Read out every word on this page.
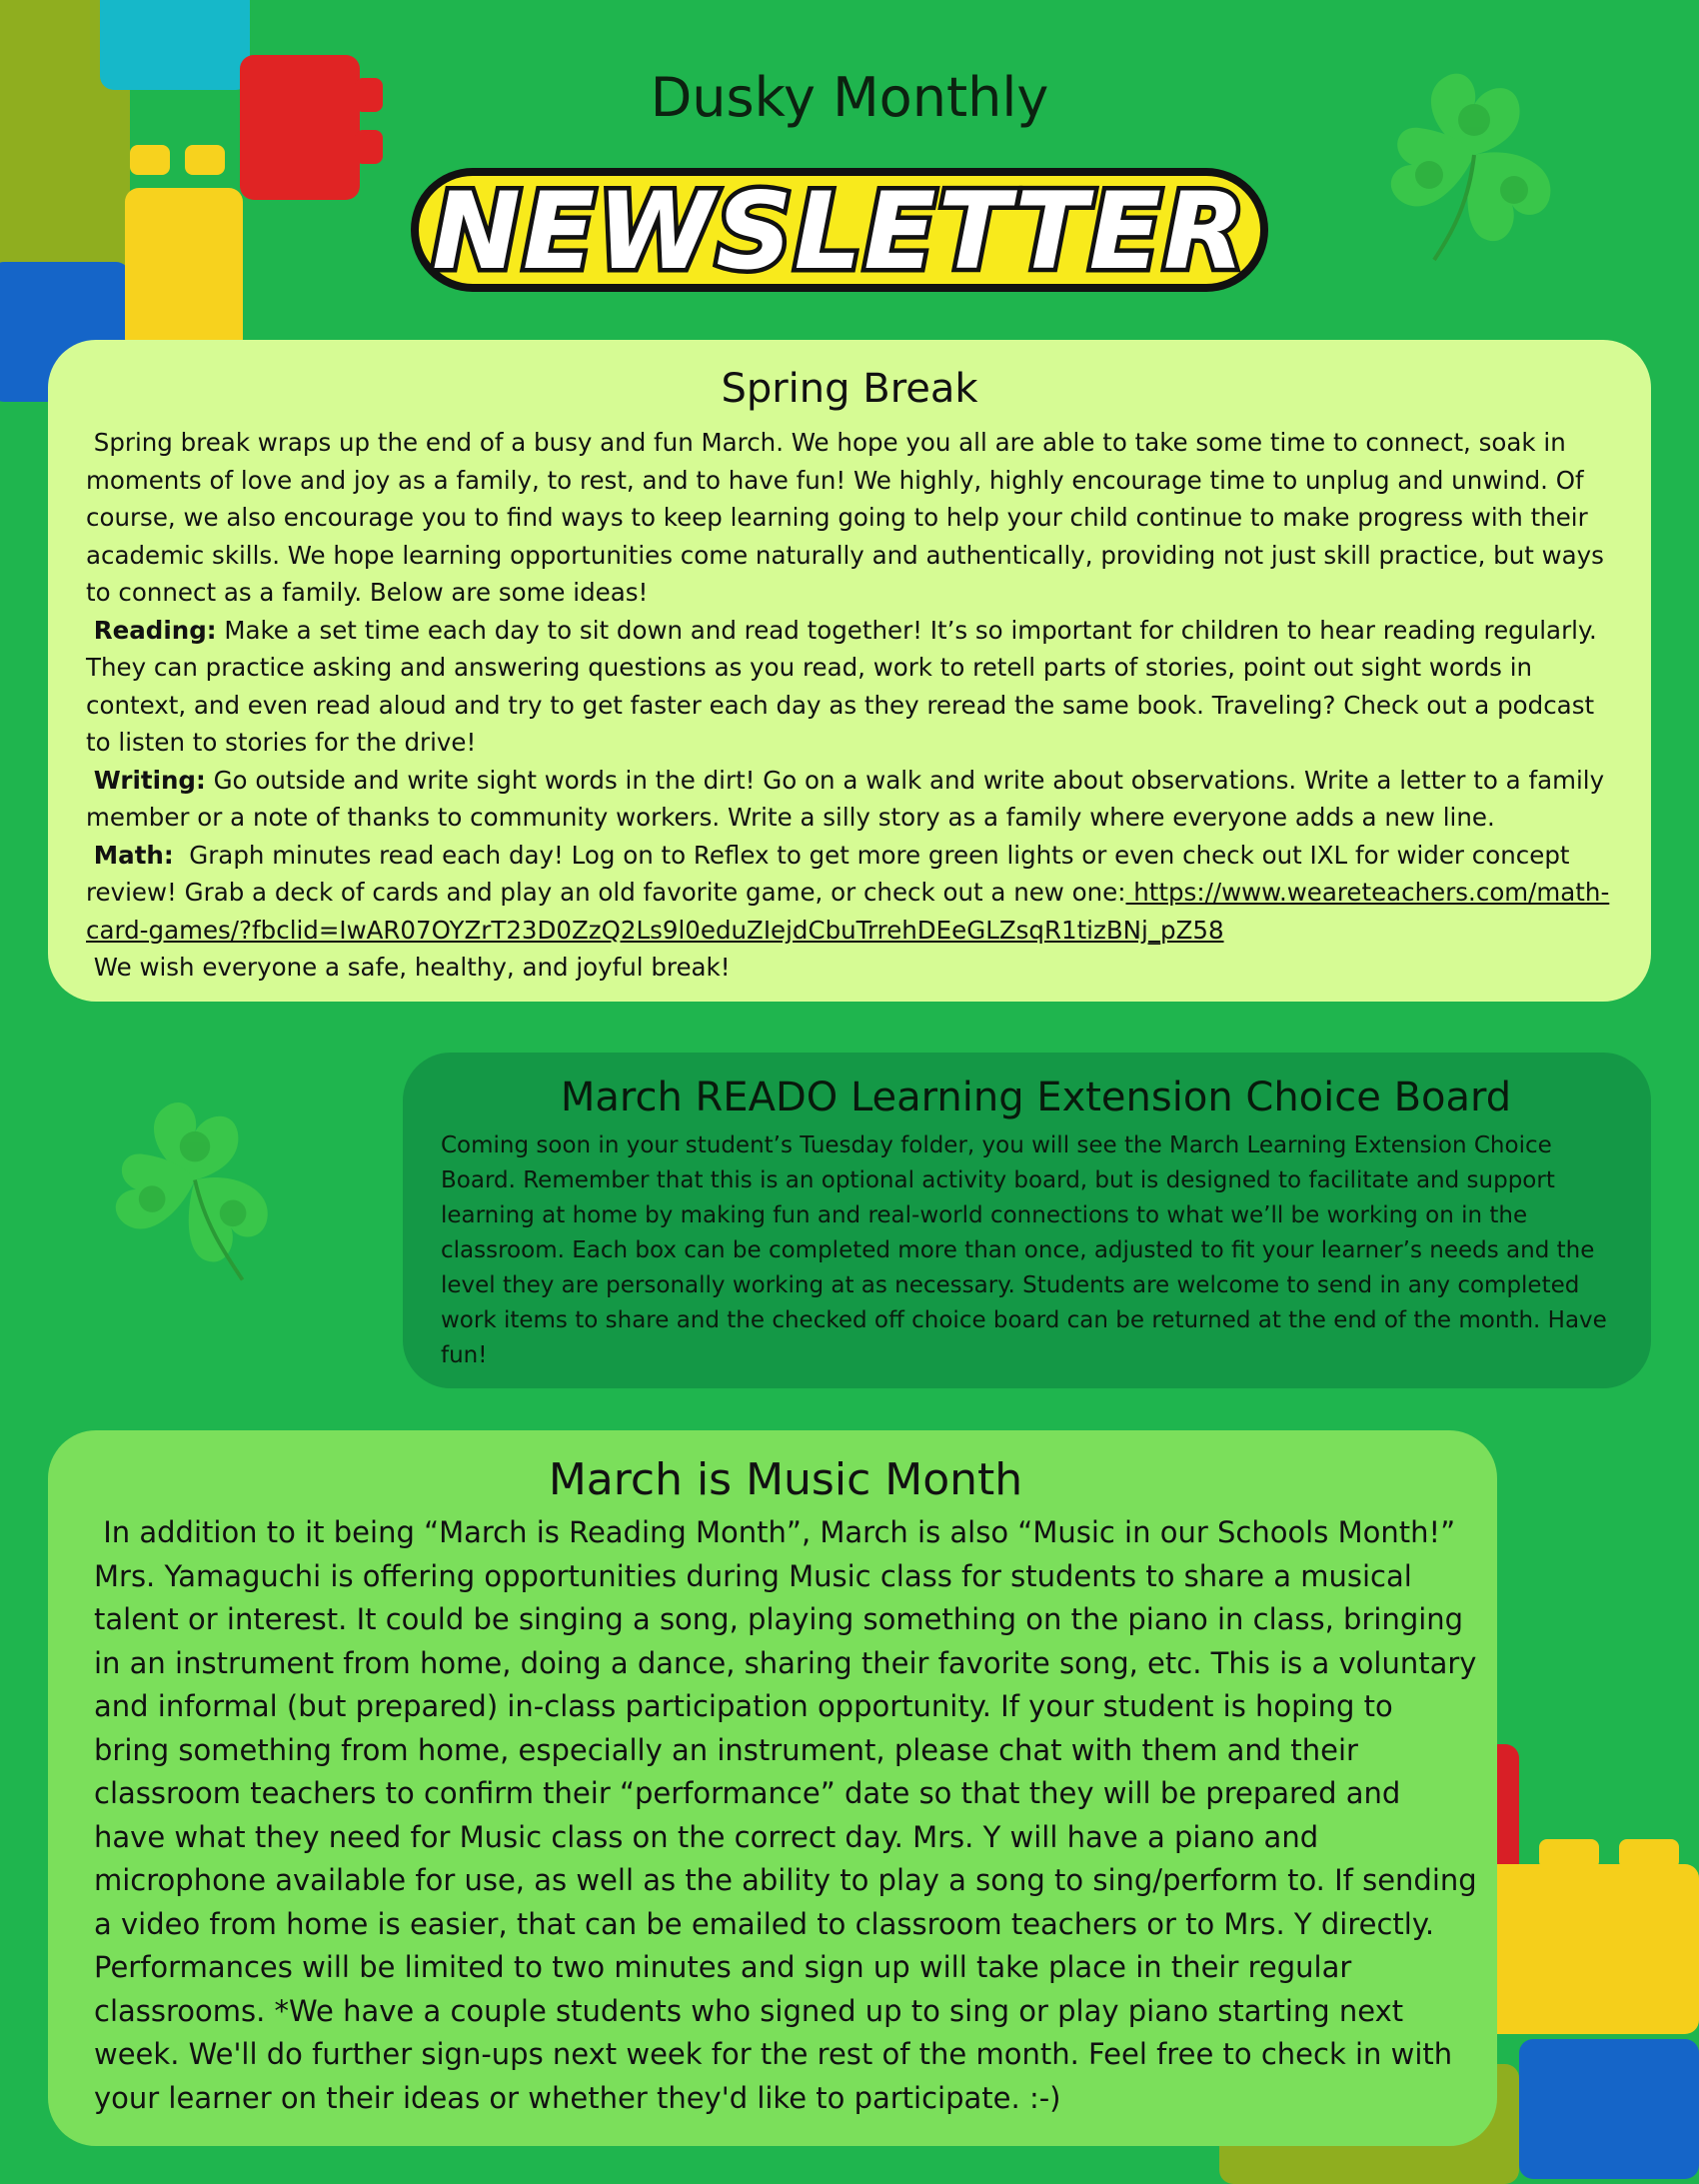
Dusky Monthly
NEWSLETTER
Spring Break

Spring break wraps up the end of a busy and fun March. We hope you all are able to take some time to connect, soak in moments of love and joy as a family, to rest, and to have fun! We highly, highly encourage time to unplug and unwind. Of course, we also encourage you to find ways to keep learning going to help your child continue to make progress with their academic skills. We hope learning opportunities come naturally and authentically, providing not just skill practice, but ways to connect as a family. Below are some ideas!

Reading: Make a set time each day to sit down and read together! It’s so important for children to hear reading regularly. They can practice asking and answering questions as you read, work to retell parts of stories, point out sight words in context, and even read aloud and try to get faster each day as they reread the same book. Traveling? Check out a podcast to listen to stories for the drive!

Writing: Go outside and write sight words in the dirt! Go on a walk and write about observations. Write a letter to a family member or a note of thanks to community workers. Write a silly story as a family where everyone adds a new line.

Math: Graph minutes read each day! Log on to Reflex to get more green lights or even check out IXL for wider concept review! Grab a deck of cards and play an old favorite game, or check out a new one: https://www.weareteachers.com/math-card-games/?fbclid=IwAR07OYZrT23D0ZzQ2Ls9l0eduZIejdCbuTrrehDEeGLZsqR1tizBNj_pZ58

We wish everyone a safe, healthy, and joyful break!

March READO Learning Extension Choice Board

Coming soon in your student’s Tuesday folder, you will see the March Learning Extension Choice Board. Remember that this is an optional activity board, but is designed to facilitate and support learning at home by making fun and real-world connections to what we’ll be working on in the classroom. Each box can be completed more than once, adjusted to fit your learner’s needs and the level they are personally working at as necessary. Students are welcome to send in any completed work items to share and the checked off choice board can be returned at the end of the month. Have fun!

March is Music Month

In addition to it being “March is Reading Month”, March is also “Music in our Schools Month!” Mrs. Yamaguchi is offering opportunities during Music class for students to share a musical talent or interest. It could be singing a song, playing something on the piano in class, bringing in an instrument from home, doing a dance, sharing their favorite song, etc. This is a voluntary and informal (but prepared) in-class participation opportunity. If your student is hoping to bring something from home, especially an instrument, please chat with them and their classroom teachers to confirm their “performance” date so that they will be prepared and have what they need for Music class on the correct day. Mrs. Y will have a piano and microphone available for use, as well as the ability to play a song to sing/perform to. If sending a video from home is easier, that can be emailed to classroom teachers or to Mrs. Y directly. Performances will be limited to two minutes and sign up will take place in their regular classrooms. *We have a couple students who signed up to sing or play piano starting next week. We'll do further sign-ups next week for the rest of the month. Feel free to check in with your learner on their ideas or whether they'd like to participate. :-)
